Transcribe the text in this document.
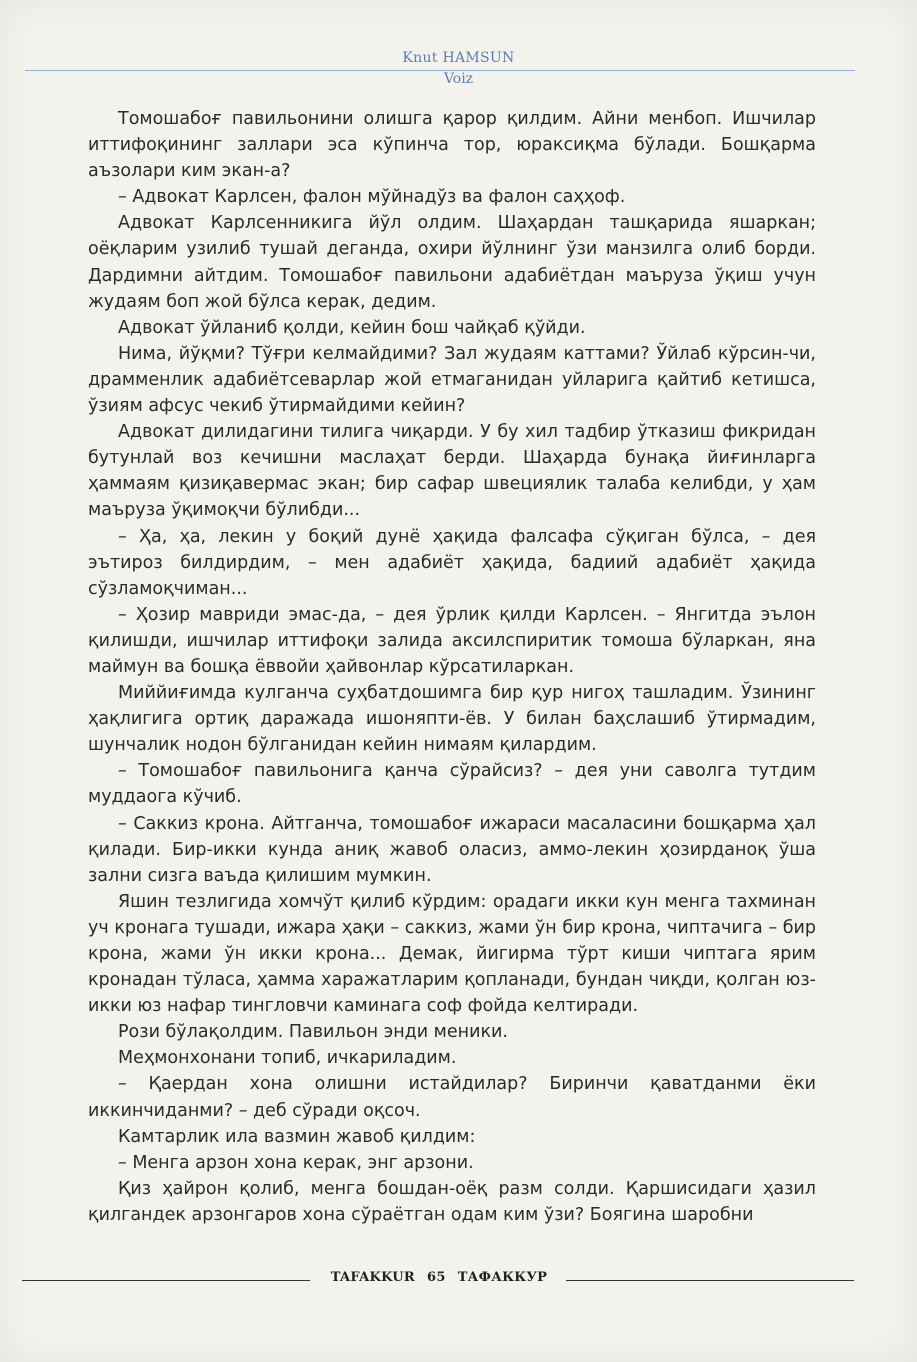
Knut HAMSUN
Voiz

Томошабоғ павильонини олишга қарор қилдим. Айни менбоп. Ишчилар иттифоқининг заллари эса кўпинча тор, юраксиқма бўлади. Бошқарма аъзолари ким экан-а?

– Адвокат Карлсен, фалон мўйнадўз ва фалон саҳҳоф.

Адвокат Карлсенникига йўл олдим. Шаҳардан ташқарида яшаркан; оёқларим узилиб тушай деганда, охири йўлнинг ўзи манзилга олиб борди. Дардимни айтдим. Томошабоғ павильони адабиётдан маъруза ўқиш учун жудаям боп жой бўлса керак, дедим.

Адвокат ўйланиб қолди, кейин бош чайқаб қўйди.

Нима, йўқми? Тўғри келмайдими? Зал жудаям каттами? Ўйлаб кўрсин-чи, драмменлик адабиётсеварлар жой етмаганидан уйларига қайтиб кетишса, ўзиям афсус чекиб ўтирмайдими кейин?

Адвокат дилидагини тилига чиқарди. У бу хил тадбир ўтказиш фикридан бутунлай воз кечишни маслаҳат берди. Шаҳарда бунақа йиғинларга ҳаммаям қизиқавермас экан; бир сафар швециялик талаба келибди, у ҳам маъруза ўқимоқчи бўлибди...

– Ҳа, ҳа, лекин у боқий дунё ҳақида фалсафа сўқиган бўлса, – дея эътироз билдирдим, – мен адабиёт ҳақида, бадиий адабиёт ҳақида сўзламоқчиман...

– Ҳозир мавриди эмас-да, – дея ўрлик қилди Карлсен. – Янгитда эълон қилишди, ишчилар иттифоқи залида аксилспиритик томоша бўларкан, яна маймун ва бошқа ёввойи ҳайвонлар кўрсатиларкан.

Миййиғимда кулганча суҳбатдошимга бир қур нигоҳ ташладим. Ўзининг ҳақлигига ортиқ даражада ишоняпти-ёв. У билан баҳслашиб ўтирмадим, шунчалик нодон бўлганидан кейин нимаям қилардим.

– Томошабоғ павильонига қанча сўрайсиз? – дея уни саволга тутдим муддаога кўчиб.

– Саккиз крона. Айтганча, томошабоғ ижараси масаласини бошқарма ҳал қилади. Бир-икки кунда аниқ жавоб оласиз, аммо-лекин ҳозирданоқ ўша зални сизга ваъда қилишим мумкин.

Яшин тезлигида хомчўт қилиб кўрдим: орадаги икки кун менга тахминан уч кронага тушади, ижара ҳақи – саккиз, жами ўн бир крона, чиптачига – бир крона, жами ўн икки крона... Демак, йигирма тўрт киши чиптага ярим кронадан тўласа, ҳамма харажатларим қопланади, бундан чиқди, қолган юз-икки юз нафар тингловчи каминага соф фойда келтиради.

Рози бўлақолдим. Павильон энди меники.

Меҳмонхонани топиб, ичкариладим.

– Қаердан хона олишни истайдилар? Биринчи қаватданми ёки иккинчиданми? – деб сўради оқсоч.

Камтарлик ила вазмин жавоб қилдим:

– Менга арзон хона керак, энг арзони.

Қиз ҳайрон қолиб, менга бошдан-оёқ разм солди. Қаршисидаги ҳазил қилгандек арзонгаров хона сўраётган одам ким ўзи? Боягина шаробни

TAFAKKUR 65 ТАФАККУР
